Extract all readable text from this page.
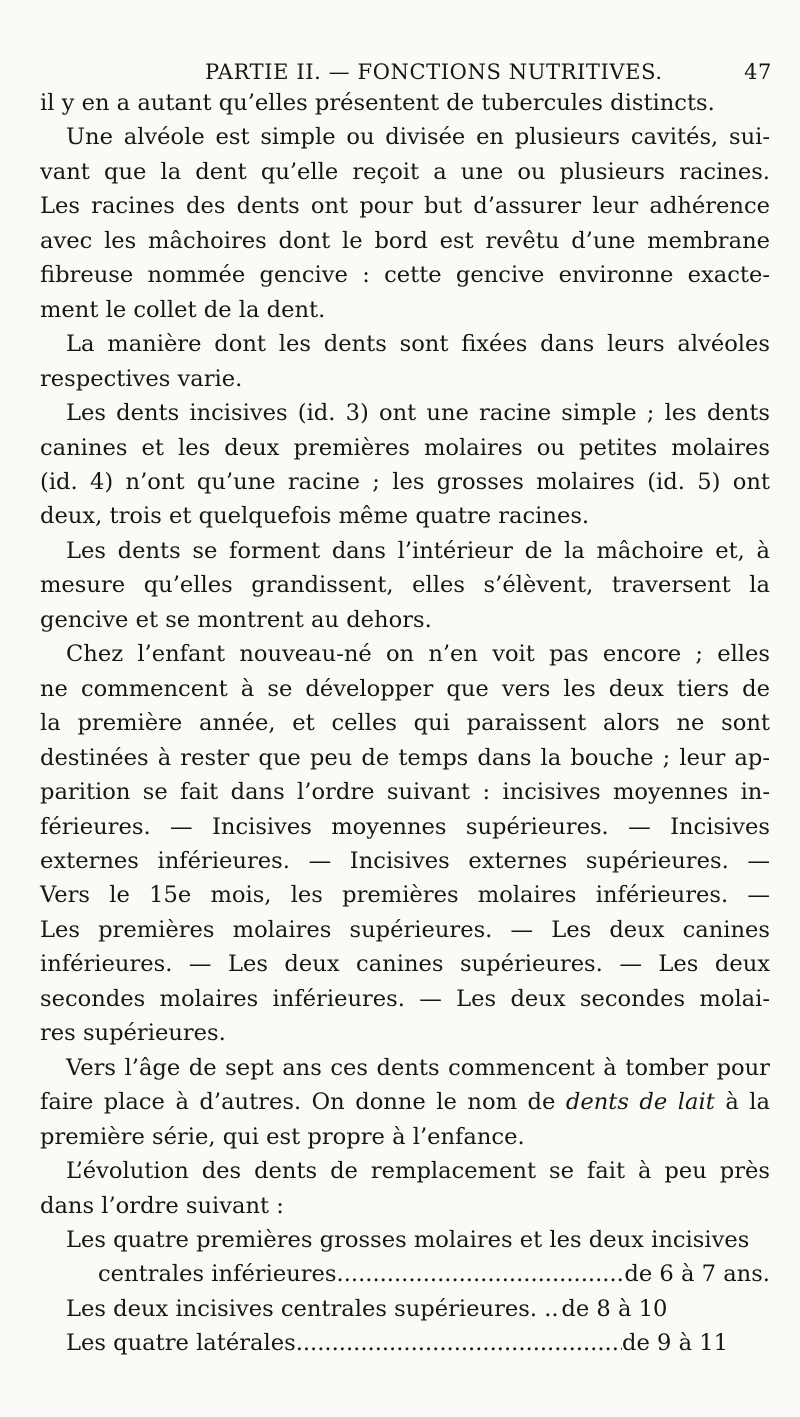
PARTIE II. — FONCTIONS NUTRITIVES.	47

il y en a autant qu’elles présentent de tubercules distincts.

Une alvéole est simple ou divisée en plusieurs cavités, sui-
vant que la dent qu’elle reçoit a une ou plusieurs racines.
Les racines des dents ont pour but d’assurer leur adhérence
avec les mâchoires dont le bord est revêtu d’une membrane
fibreuse nommée gencive : cette gencive environne exacte-
ment le collet de la dent.

La manière dont les dents sont fixées dans leurs alvéoles
respectives varie.

Les dents incisives (id. 3) ont une racine simple ; les dents
canines et les deux premières molaires ou petites molaires
(id. 4) n’ont qu’une racine ; les grosses molaires (id. 5) ont
deux, trois et quelquefois même quatre racines.

Les dents se forment dans l’intérieur de la mâchoire et, à
mesure qu’elles grandissent, elles s’élèvent, traversent la
gencive et se montrent au dehors.

Chez l’enfant nouveau-né on n’en voit pas encore ; elles
ne commencent à se développer que vers les deux tiers de
la première année, et celles qui paraissent alors ne sont
destinées à rester que peu de temps dans la bouche ; leur ap-
parition se fait dans l’ordre suivant : incisives moyennes in-
férieures. — Incisives moyennes supérieures. — Incisives
externes inférieures. — Incisives externes supérieures. —
Vers le 15e mois, les premières molaires inférieures. —
Les premières molaires supérieures. — Les deux canines
inférieures. — Les deux canines supérieures. — Les deux
secondes molaires inférieures. — Les deux secondes molai-
res supérieures.

Vers l’âge de sept ans ces dents commencent à tomber pour
faire place à d’autres. On donne le nom de dents de lait à la
première série, qui est propre à l’enfance.

L’évolution des dents de remplacement se fait à peu près
dans l’ordre suivant :

Les quatre premières grosses molaires et les deux incisives
centrales inférieures .....	de 6 à 7 ans.
Les deux incisives centrales supérieures. . ..... de 8 à 10
Les quatre latérales .....	de 9 à 11
